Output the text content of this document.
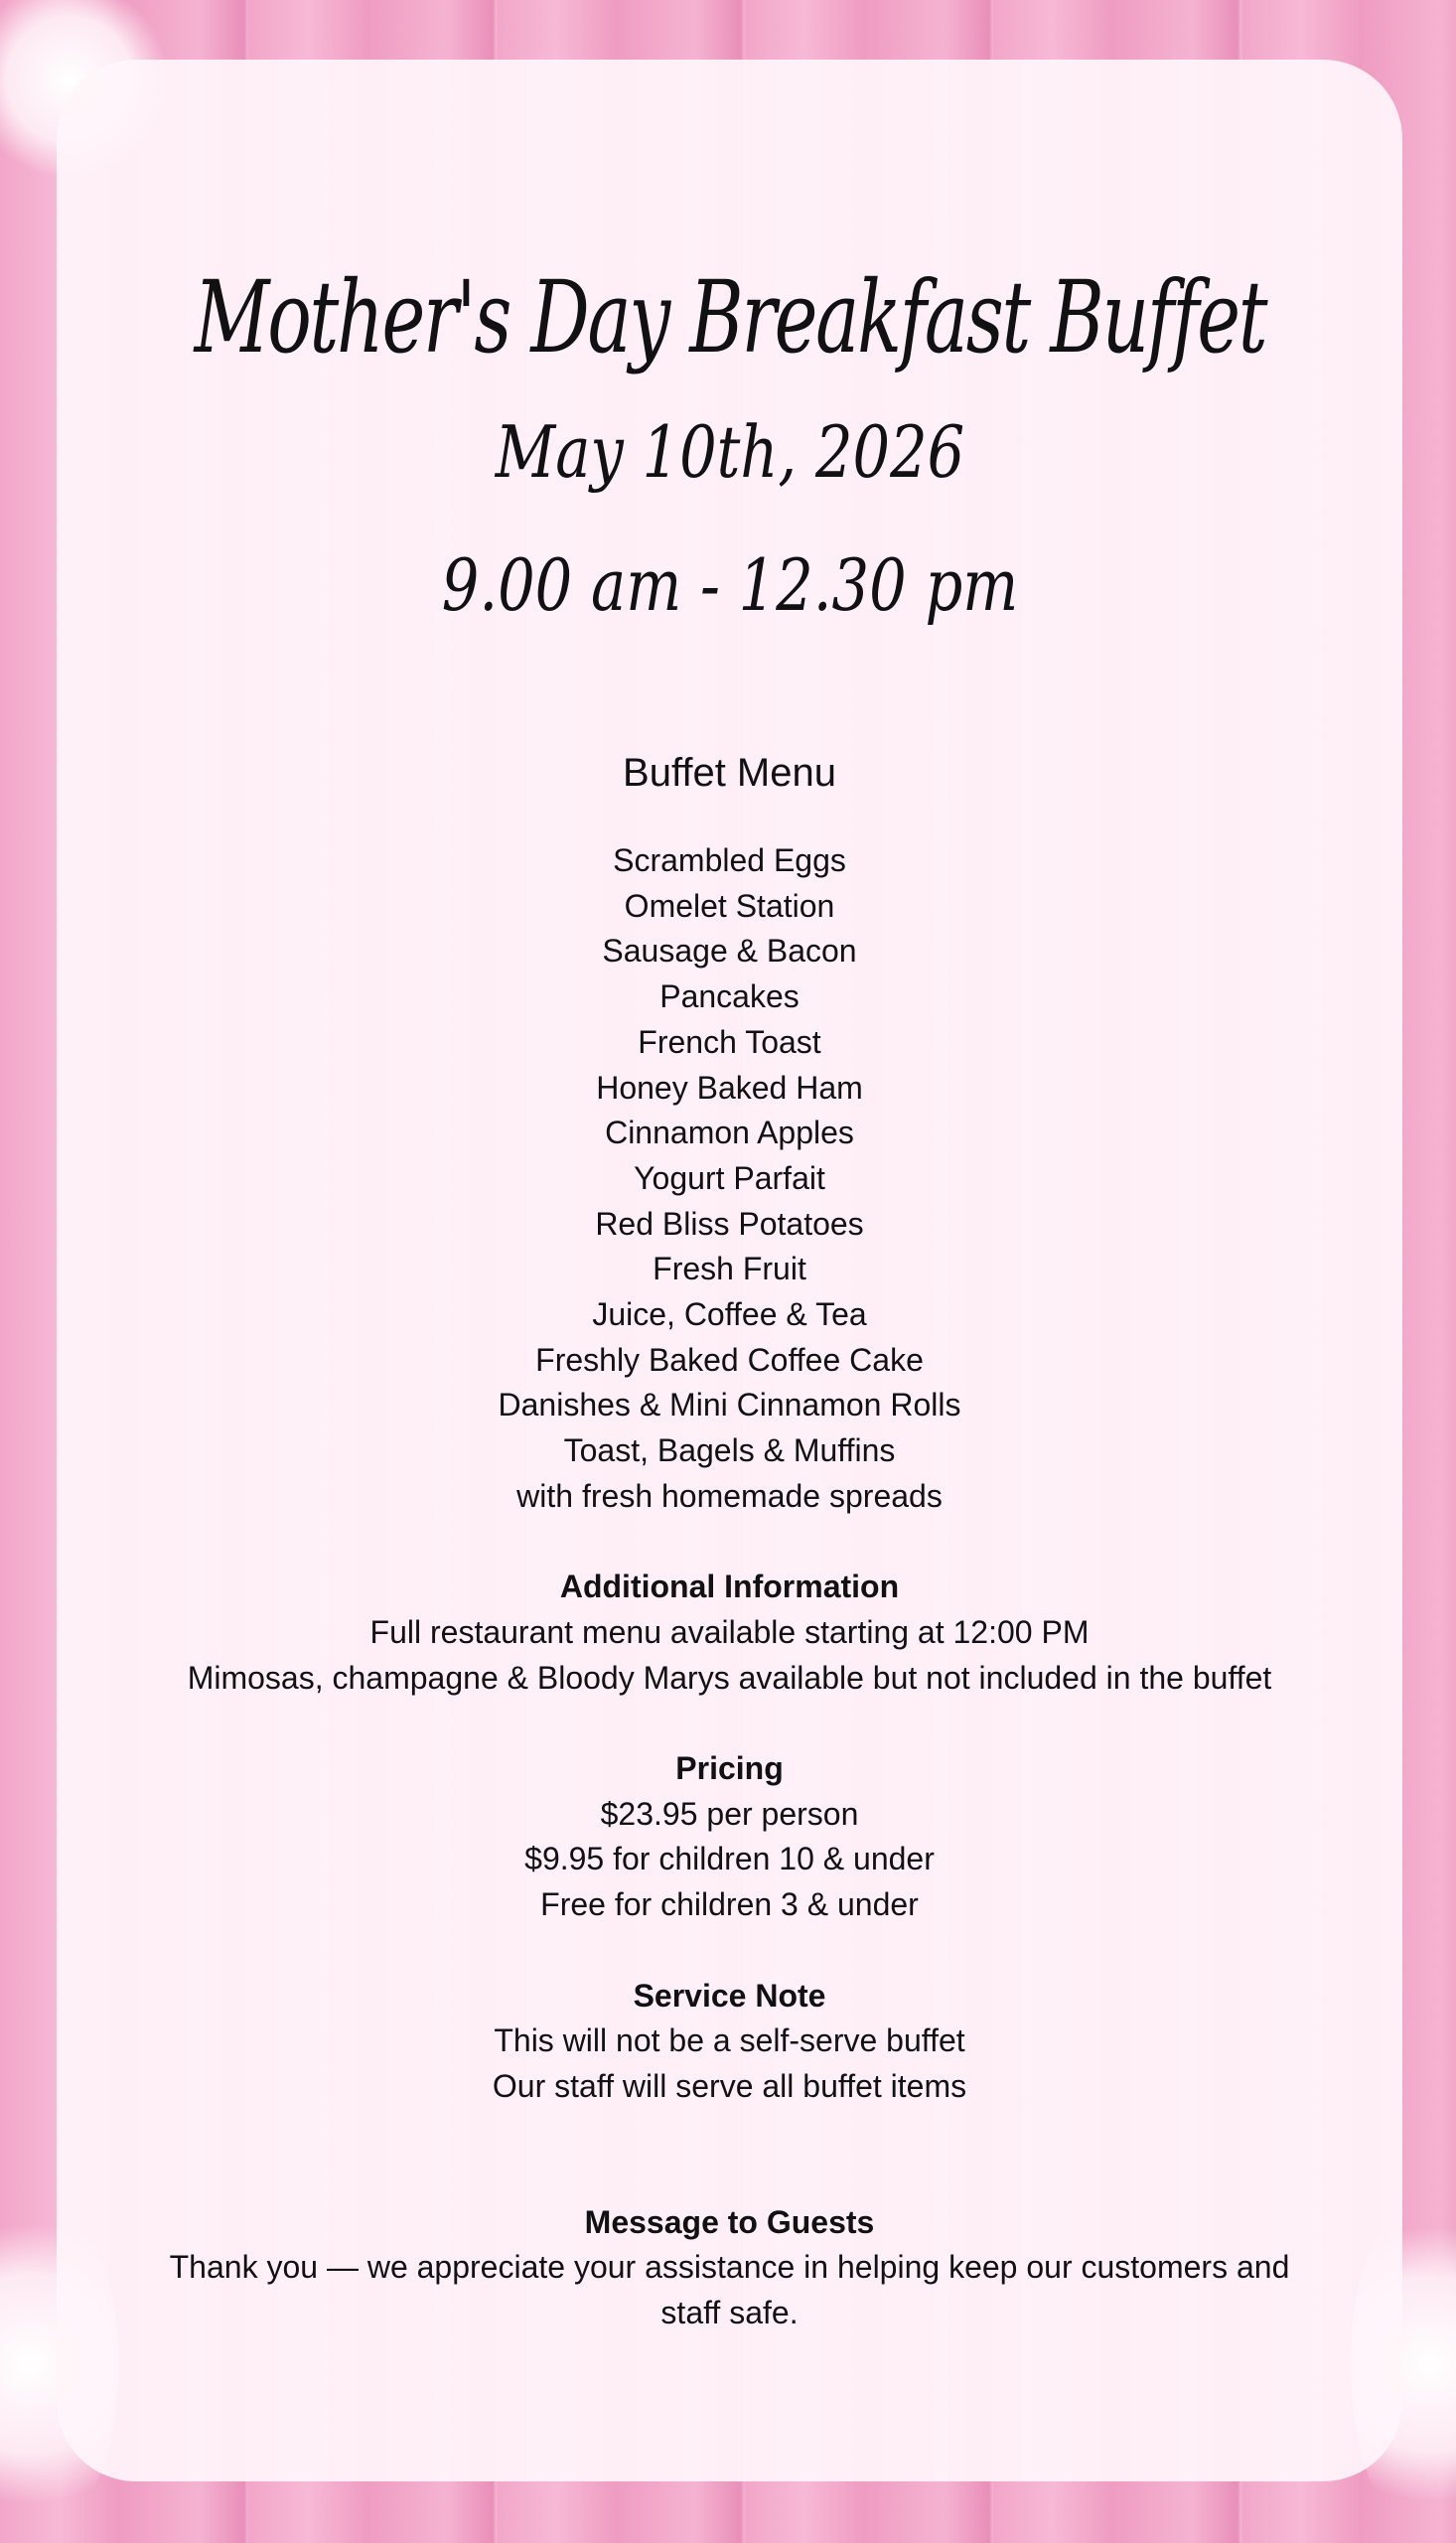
Mother's Day Breakfast Buffet
May 10th, 2026
9.00 am - 12.30 pm
Buffet Menu
Scrambled Eggs
Omelet Station
Sausage & Bacon
Pancakes
French Toast
Honey Baked Ham
Cinnamon Apples
Yogurt Parfait
Red Bliss Potatoes
Fresh Fruit
Juice, Coffee & Tea
Freshly Baked Coffee Cake
Danishes & Mini Cinnamon Rolls
Toast, Bagels & Muffins
with fresh homemade spreads
Additional Information
Full restaurant menu available starting at 12:00 PM
Mimosas, champagne & Bloody Marys available but not included in the buffet
Pricing
$23.95 per person
$9.95 for children 10 & under
Free for children 3 & under
Service Note
This will not be a self-serve buffet
Our staff will serve all buffet items
Message to Guests
Thank you — we appreciate your assistance in helping keep our customers and staff safe.
